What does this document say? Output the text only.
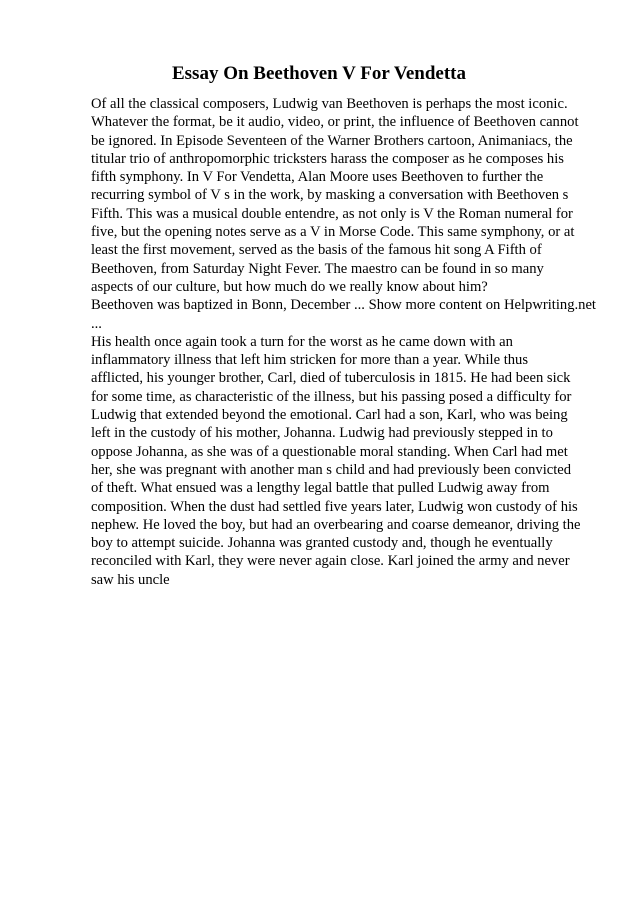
Essay On Beethoven V For Vendetta
Of all the classical composers, Ludwig van Beethoven is perhaps the most iconic.
Whatever the format, be it audio, video, or print, the influence of Beethoven cannot
be ignored. In Episode Seventeen of the Warner Brothers cartoon, Animaniacs, the
titular trio of anthropomorphic tricksters harass the composer as he composes his
fifth symphony. In V For Vendetta, Alan Moore uses Beethoven to further the
recurring symbol of V s in the work, by masking a conversation with Beethoven s
Fifth. This was a musical double entendre, as not only is V the Roman numeral for
five, but the opening notes serve as a V in Morse Code. This same symphony, or at
least the first movement, served as the basis of the famous hit song A Fifth of
Beethoven, from Saturday Night Fever. The maestro can be found in so many
aspects of our culture, but how much do we really know about him?
Beethoven was baptized in Bonn, December ... Show more content on Helpwriting.net
...
His health once again took a turn for the worst as he came down with an
inflammatory illness that left him stricken for more than a year. While thus
afflicted, his younger brother, Carl, died of tuberculosis in 1815. He had been sick
for some time, as characteristic of the illness, but his passing posed a difficulty for
Ludwig that extended beyond the emotional. Carl had a son, Karl, who was being
left in the custody of his mother, Johanna. Ludwig had previously stepped in to
oppose Johanna, as she was of a questionable moral standing. When Carl had met
her, she was pregnant with another man s child and had previously been convicted
of theft. What ensued was a lengthy legal battle that pulled Ludwig away from
composition. When the dust had settled five years later, Ludwig won custody of his
nephew. He loved the boy, but had an overbearing and coarse demeanor, driving the
boy to attempt suicide. Johanna was granted custody and, though he eventually
reconciled with Karl, they were never again close. Karl joined the army and never
saw his uncle
